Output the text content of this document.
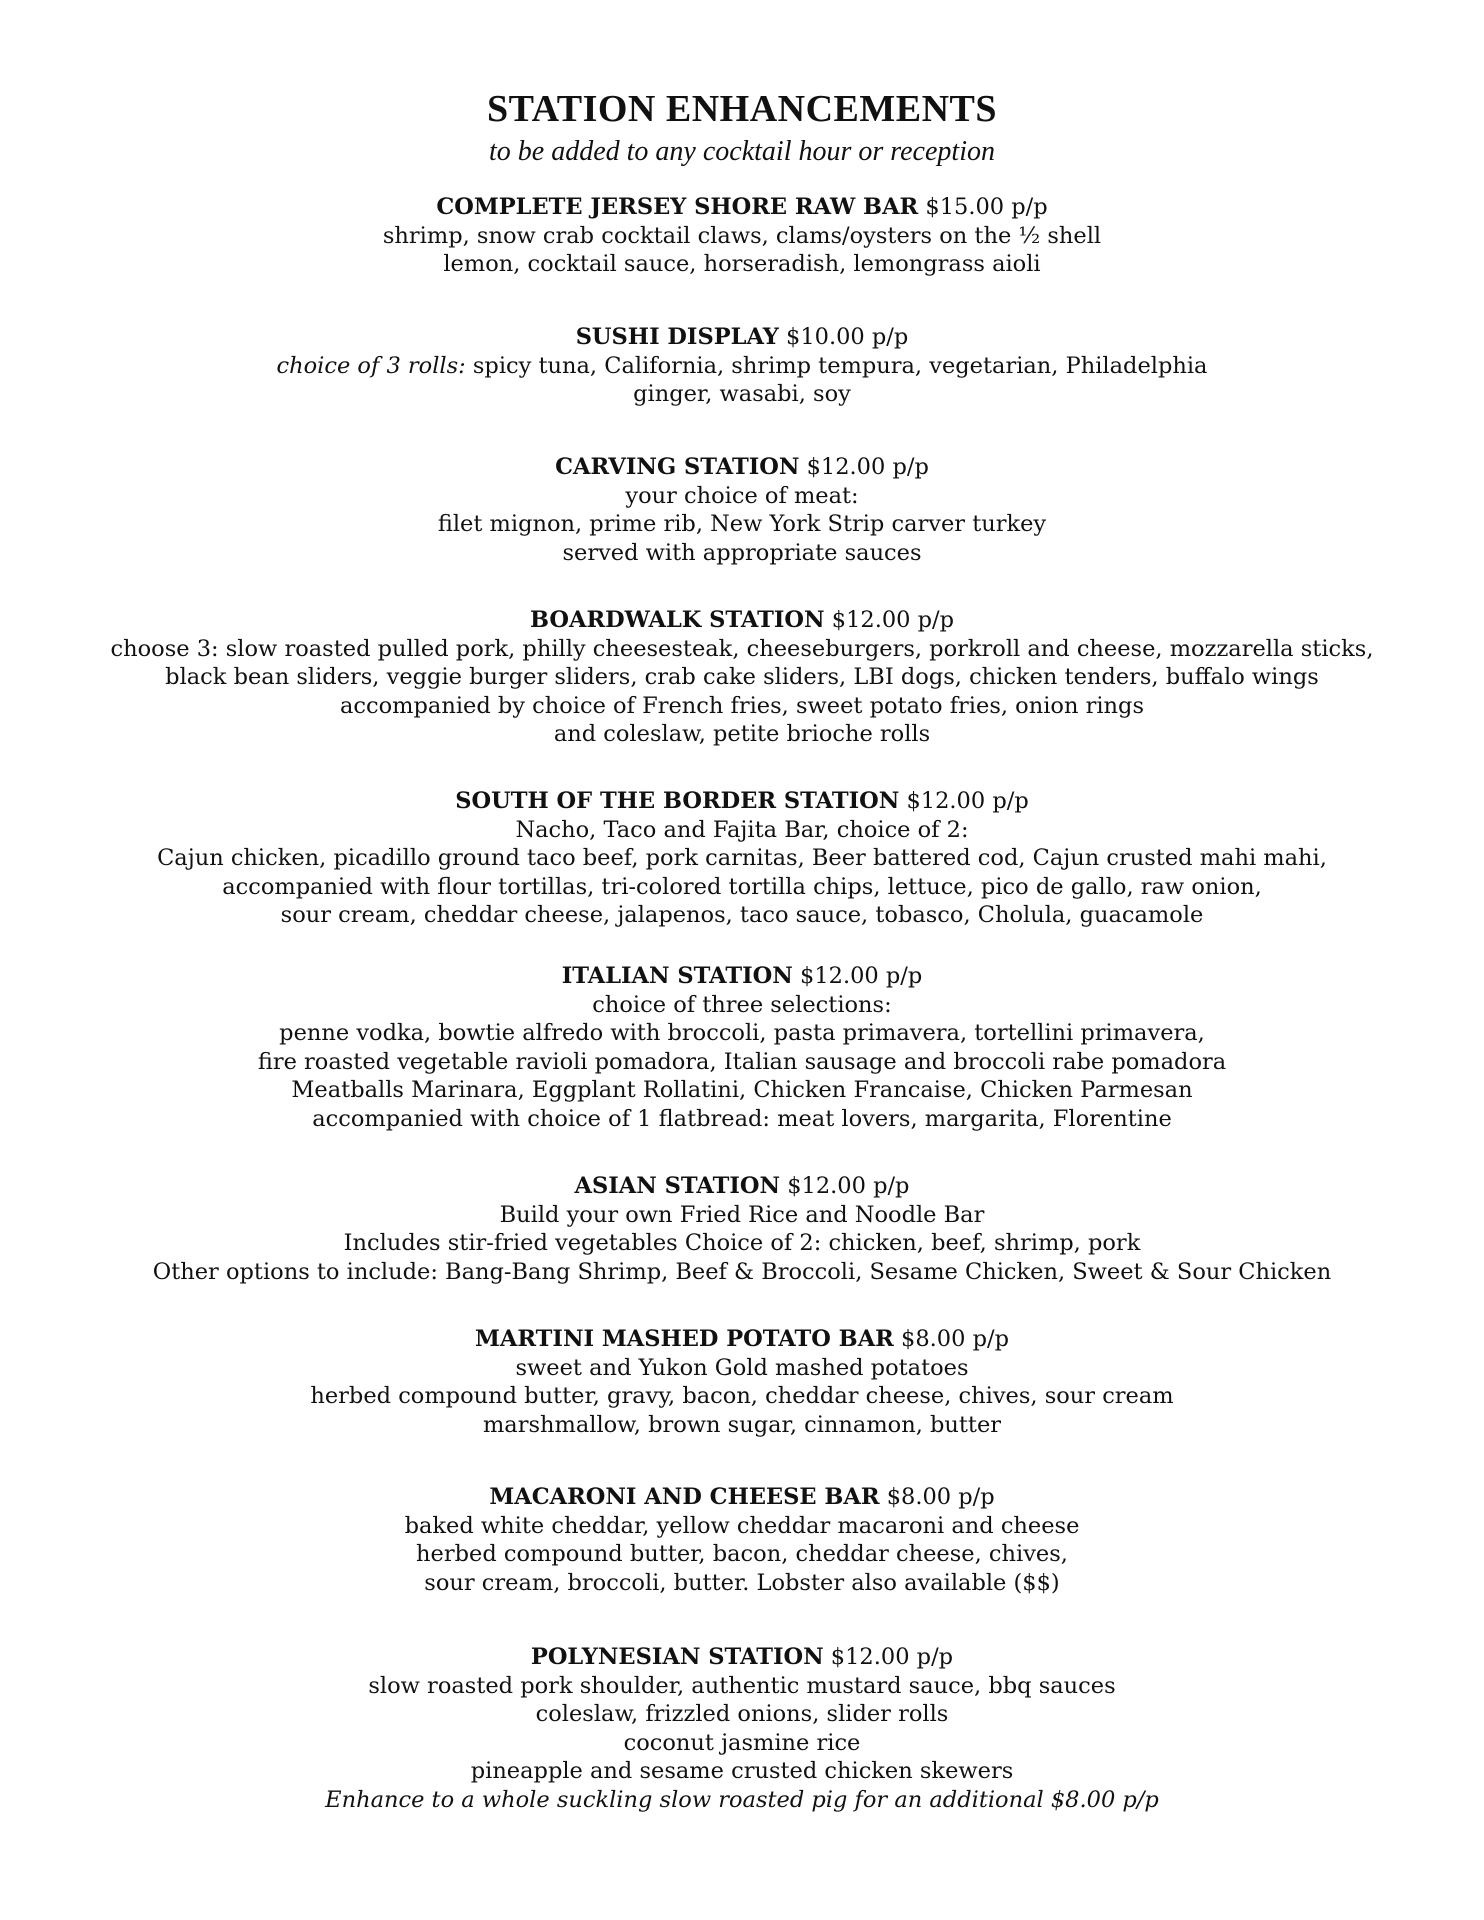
STATION ENHANCEMENTS
to be added to any cocktail hour or reception
COMPLETE JERSEY SHORE RAW BAR $15.00 p/p
shrimp, snow crab cocktail claws, clams/oysters on the ½ shell
lemon, cocktail sauce, horseradish, lemongrass aioli
SUSHI DISPLAY $10.00 p/p
choice of 3 rolls: spicy tuna, California, shrimp tempura, vegetarian, Philadelphia
ginger, wasabi, soy
CARVING STATION $12.00 p/p
your choice of meat:
filet mignon, prime rib, New York Strip carver turkey
served with appropriate sauces
BOARDWALK STATION $12.00 p/p
choose 3: slow roasted pulled pork, philly cheesesteak, cheeseburgers, porkroll and cheese, mozzarella sticks,
black bean sliders, veggie burger sliders, crab cake sliders, LBI dogs, chicken tenders, buffalo wings
accompanied by choice of French fries, sweet potato fries, onion rings
and coleslaw, petite brioche rolls
SOUTH OF THE BORDER STATION $12.00 p/p
Nacho, Taco and Fajita Bar, choice of 2:
Cajun chicken, picadillo ground taco beef, pork carnitas, Beer battered cod, Cajun crusted mahi mahi,
accompanied with flour tortillas, tri-colored tortilla chips, lettuce, pico de gallo, raw onion,
sour cream, cheddar cheese, jalapenos, taco sauce, tobasco, Cholula, guacamole
ITALIAN STATION $12.00 p/p
choice of three selections:
penne vodka, bowtie alfredo with broccoli, pasta primavera, tortellini primavera,
fire roasted vegetable ravioli pomadora, Italian sausage and broccoli rabe pomadora
Meatballs Marinara, Eggplant Rollatini, Chicken Francaise, Chicken Parmesan
accompanied with choice of 1 flatbread: meat lovers, margarita, Florentine
ASIAN STATION $12.00 p/p
Build your own Fried Rice and Noodle Bar
Includes stir-fried vegetables Choice of 2: chicken, beef, shrimp, pork
Other options to include: Bang-Bang Shrimp, Beef & Broccoli, Sesame Chicken, Sweet & Sour Chicken
MARTINI MASHED POTATO BAR $8.00 p/p
sweet and Yukon Gold mashed potatoes
herbed compound butter, gravy, bacon, cheddar cheese, chives, sour cream
marshmallow, brown sugar, cinnamon, butter
MACARONI AND CHEESE BAR $8.00 p/p
baked white cheddar, yellow cheddar macaroni and cheese
herbed compound butter, bacon, cheddar cheese, chives,
sour cream, broccoli, butter. Lobster also available ($$)
POLYNESIAN STATION $12.00 p/p
slow roasted pork shoulder, authentic mustard sauce, bbq sauces
coleslaw, frizzled onions, slider rolls
coconut jasmine rice
pineapple and sesame crusted chicken skewers
Enhance to a whole suckling slow roasted pig for an additional $8.00 p/p
